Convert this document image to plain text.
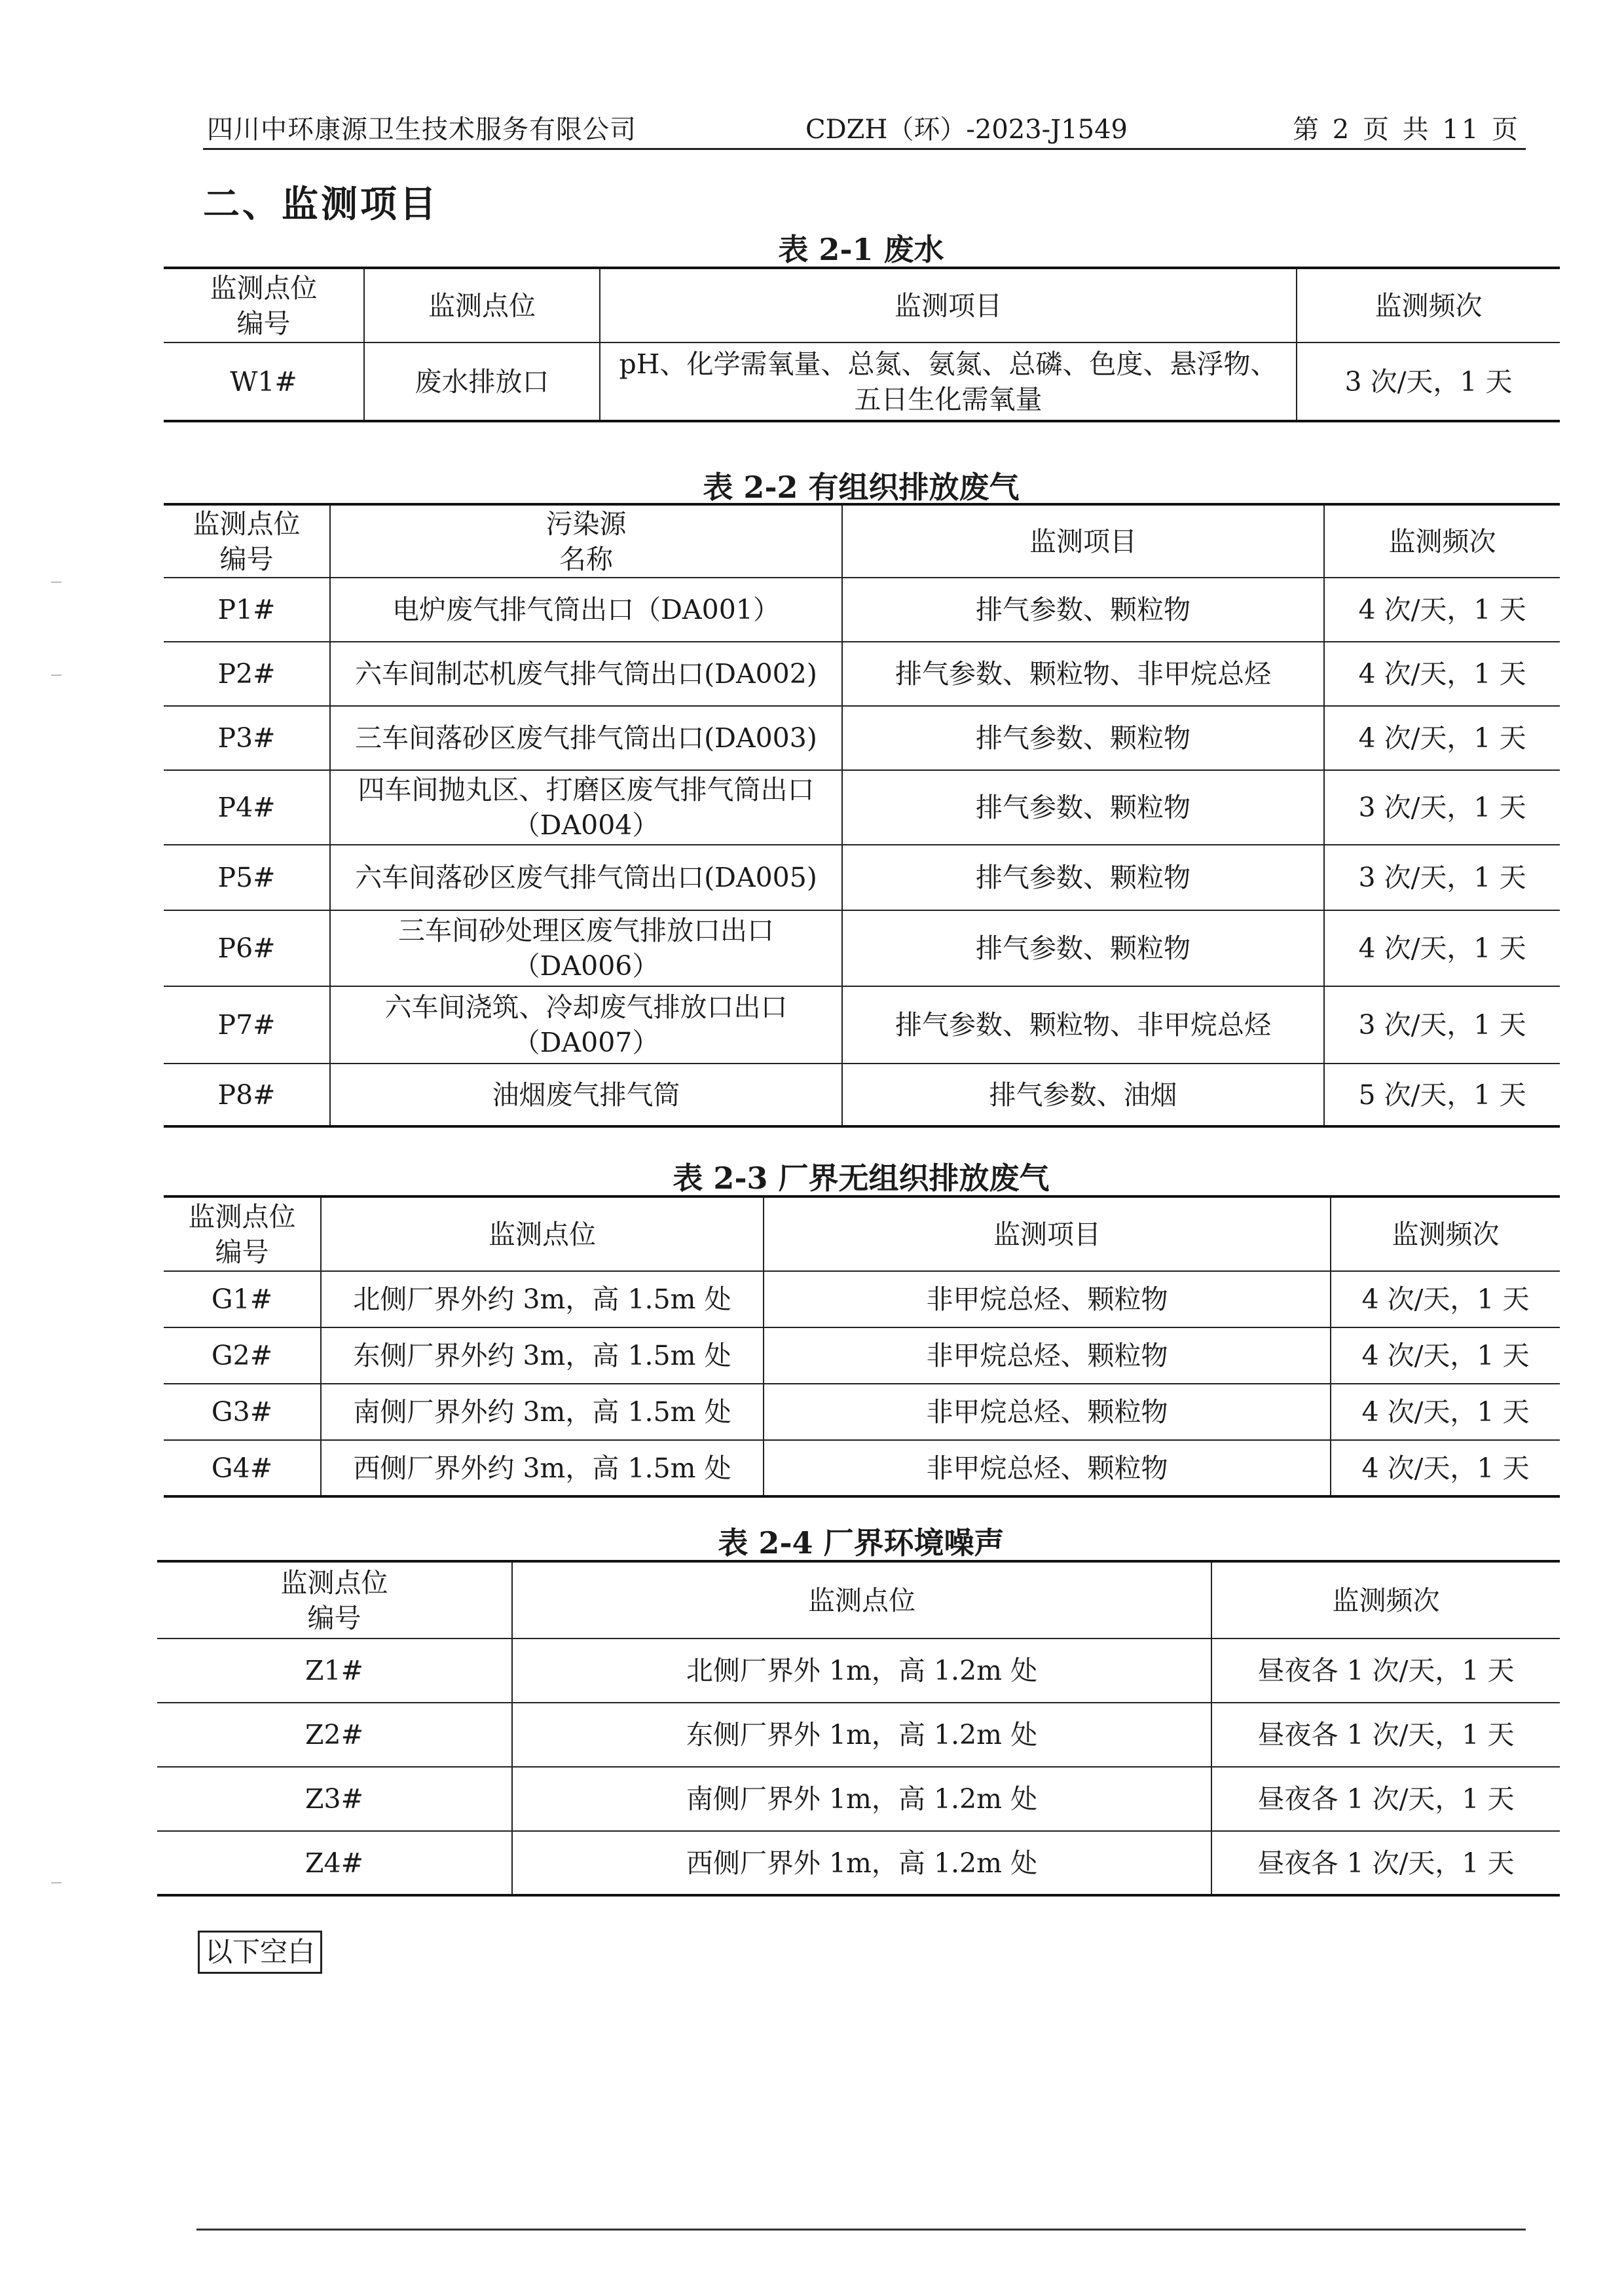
四川中环康源卫生技术服务有限公司	CDZH（环）-2023-J1549	第 2 页 共 11 页
二、监测项目
表 2-1 废水
监测点位
编号	监测点位	监测项目	监测频次
W1#	废水排放口	pH、化学需氧量、总氮、氨氮、总磷、色度、悬浮物、
五日生化需氧量	3 次/天，1 天
表 2-2 有组织排放废气
监测点位
编号	污染源
名称	监测项目	监测频次
P1#	电炉废气排气筒出口（DA001）	排气参数、颗粒物	4 次/天，1 天
P2#	六车间制芯机废气排气筒出口(DA002)	排气参数、颗粒物、非甲烷总烃	4 次/天，1 天
P3#	三车间落砂区废气排气筒出口(DA003)	排气参数、颗粒物	4 次/天，1 天
P4#	四车间抛丸区、打磨区废气排气筒出口
（DA004）	排气参数、颗粒物	3 次/天，1 天
P5#	六车间落砂区废气排气筒出口(DA005)	排气参数、颗粒物	3 次/天，1 天
P6#	三车间砂处理区废气排放口出口
（DA006）	排气参数、颗粒物	4 次/天，1 天
P7#	六车间浇筑、冷却废气排放口出口
（DA007）	排气参数、颗粒物、非甲烷总烃	3 次/天，1 天
P8#	油烟废气排气筒	排气参数、油烟	5 次/天，1 天
表 2-3 厂界无组织排放废气
监测点位
编号	监测点位	监测项目	监测频次
G1#	北侧厂界外约 3m，高 1.5m 处	非甲烷总烃、颗粒物	4 次/天，1 天
G2#	东侧厂界外约 3m，高 1.5m 处	非甲烷总烃、颗粒物	4 次/天，1 天
G3#	南侧厂界外约 3m，高 1.5m 处	非甲烷总烃、颗粒物	4 次/天，1 天
G4#	西侧厂界外约 3m，高 1.5m 处	非甲烷总烃、颗粒物	4 次/天，1 天
表 2-4 厂界环境噪声
监测点位
编号	监测点位	监测频次
Z1#	北侧厂界外 1m，高 1.2m 处	昼夜各 1 次/天，1 天
Z2#	东侧厂界外 1m，高 1.2m 处	昼夜各 1 次/天，1 天
Z3#	南侧厂界外 1m，高 1.2m 处	昼夜各 1 次/天，1 天
Z4#	西侧厂界外 1m，高 1.2m 处	昼夜各 1 次/天，1 天
以下空白
